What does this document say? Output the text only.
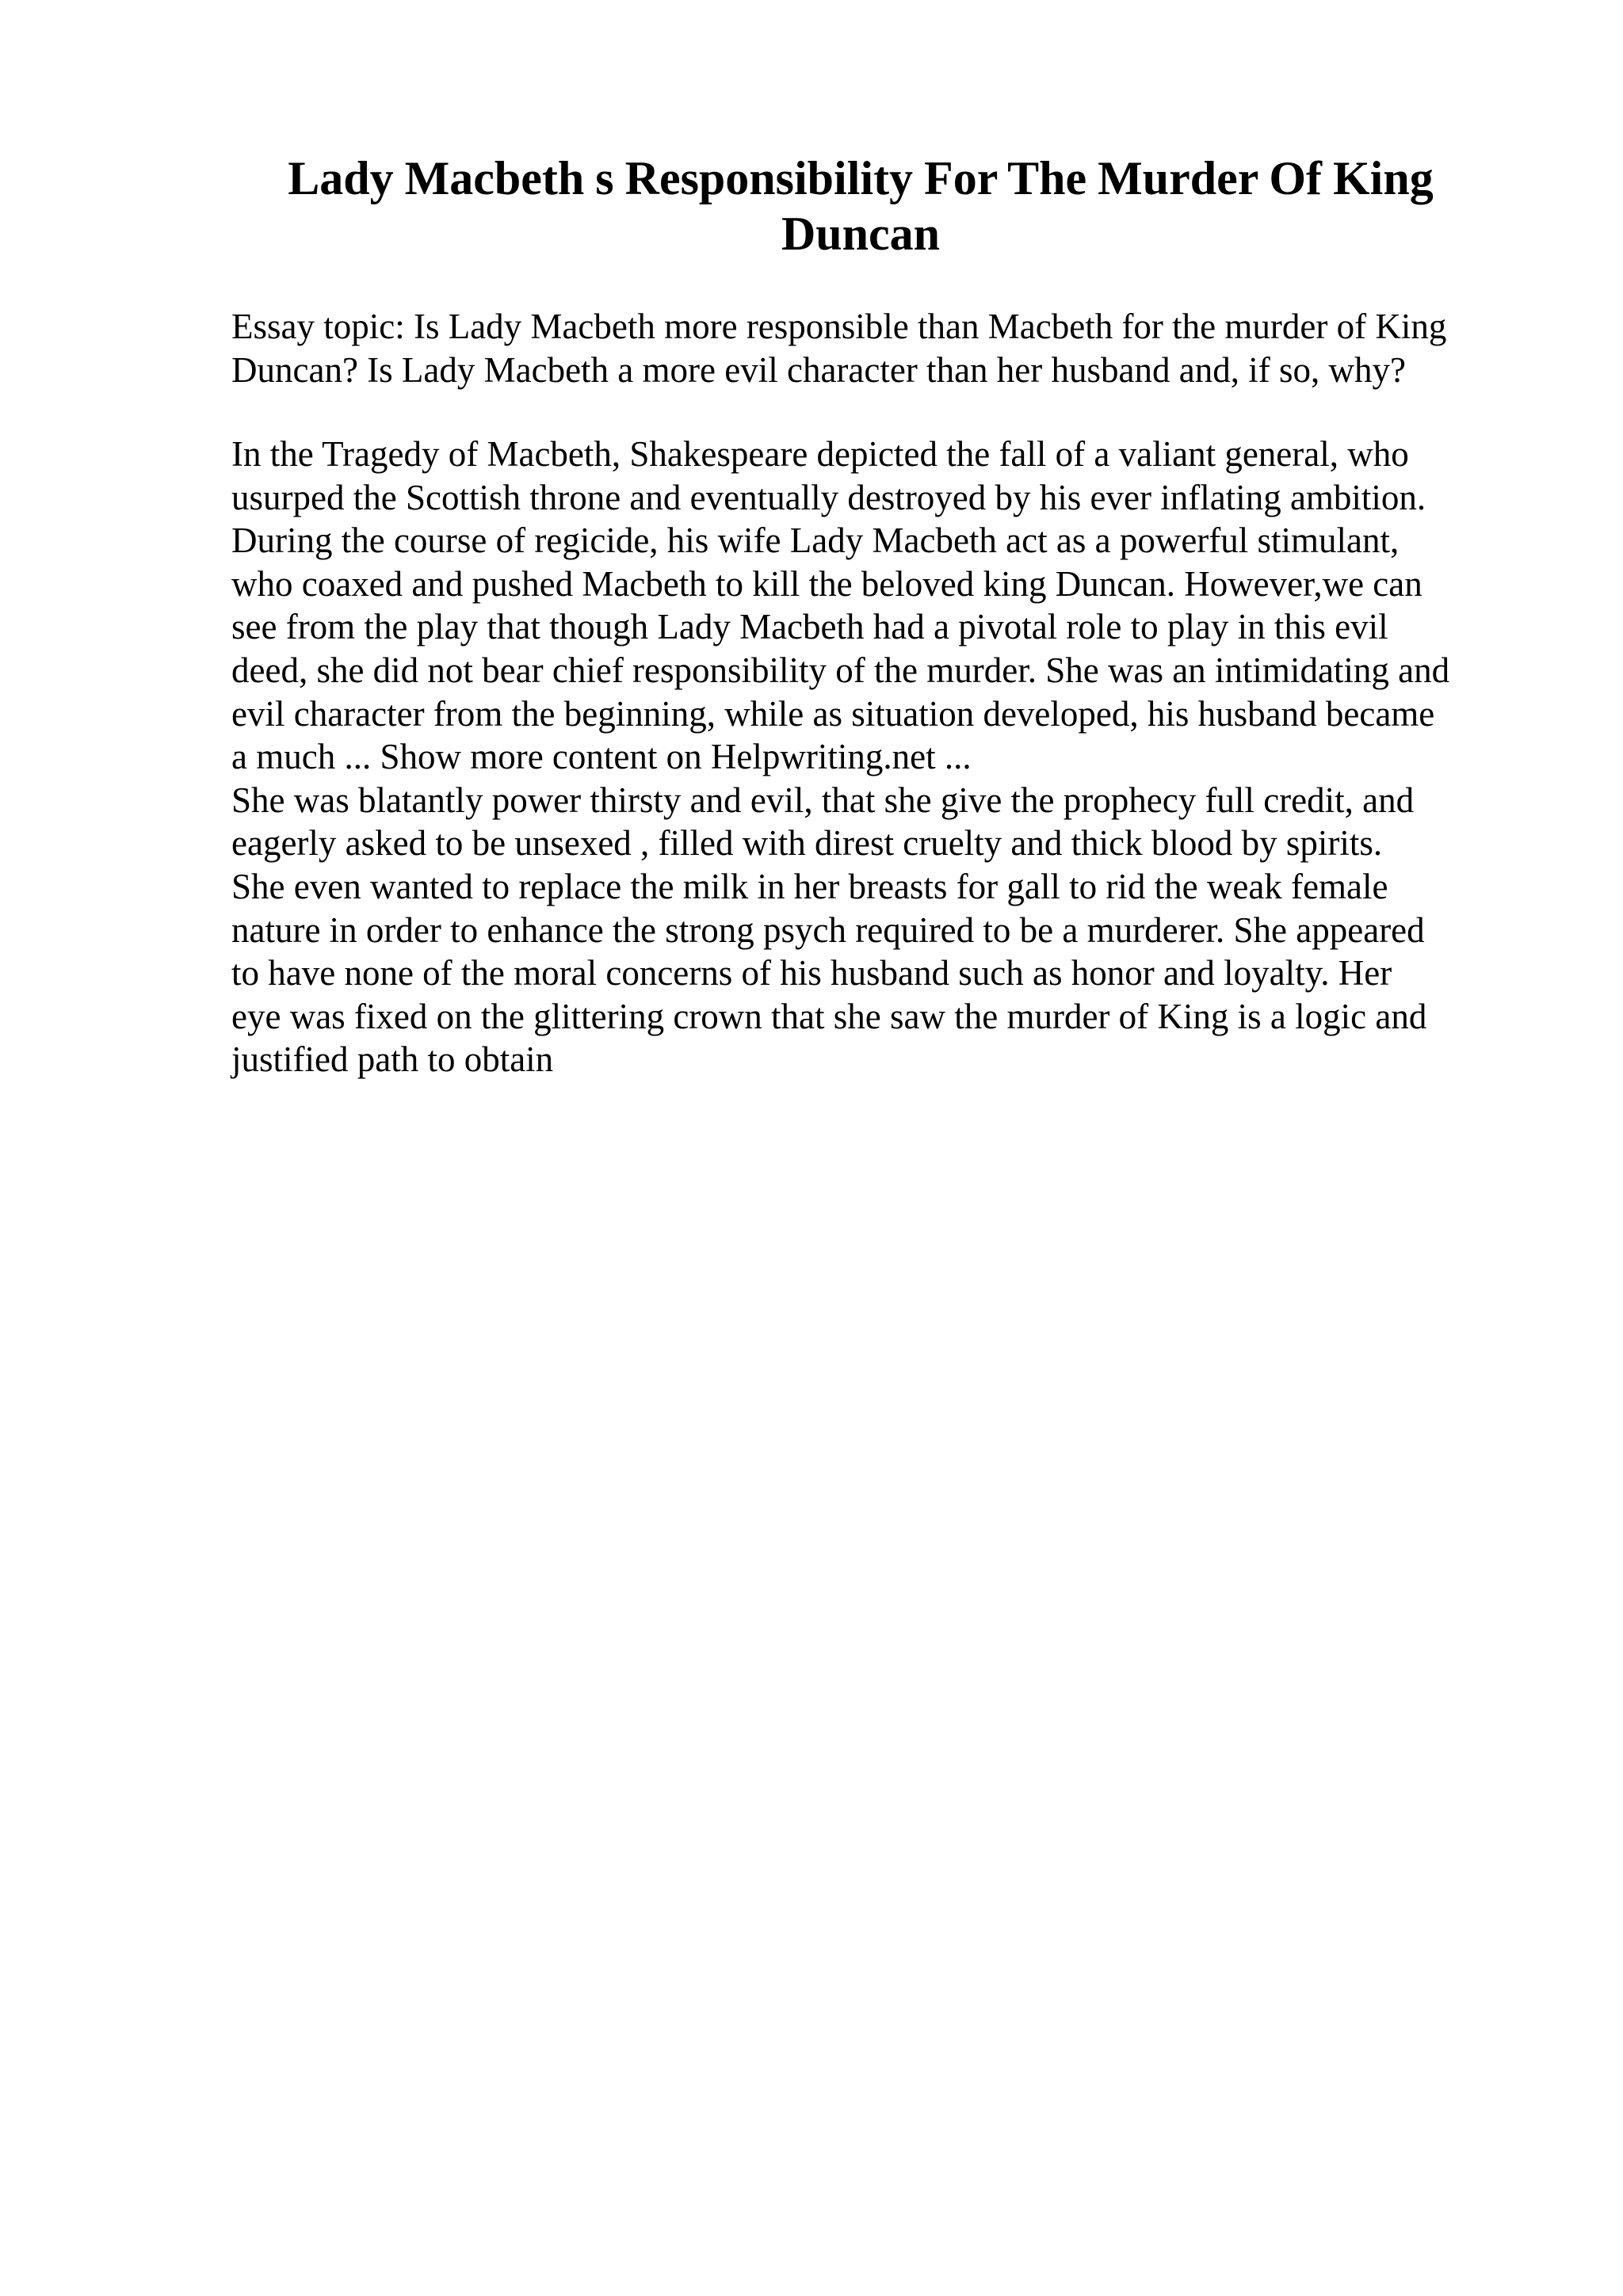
Lady Macbeth s Responsibility For The Murder Of King Duncan
Essay topic: Is Lady Macbeth more responsible than Macbeth for the murder of King
Duncan? Is Lady Macbeth a more evil character than her husband and, if so, why?
In the Tragedy of Macbeth, Shakespeare depicted the fall of a valiant general, who
usurped the Scottish throne and eventually destroyed by his ever inflating ambition.
During the course of regicide, his wife Lady Macbeth act as a powerful stimulant,
who coaxed and pushed Macbeth to kill the beloved king Duncan. However,we can
see from the play that though Lady Macbeth had a pivotal role to play in this evil
deed, she did not bear chief responsibility of the murder. She was an intimidating and
evil character from the beginning, while as situation developed, his husband became
a much ... Show more content on Helpwriting.net ...
She was blatantly power thirsty and evil, that she give the prophecy full credit, and
eagerly asked to be unsexed , filled with direst cruelty and thick blood by spirits.
She even wanted to replace the milk in her breasts for gall to rid the weak female
nature in order to enhance the strong psych required to be a murderer. She appeared
to have none of the moral concerns of his husband such as honor and loyalty. Her
eye was fixed on the glittering crown that she saw the murder of King is a logic and
justified path to obtain
